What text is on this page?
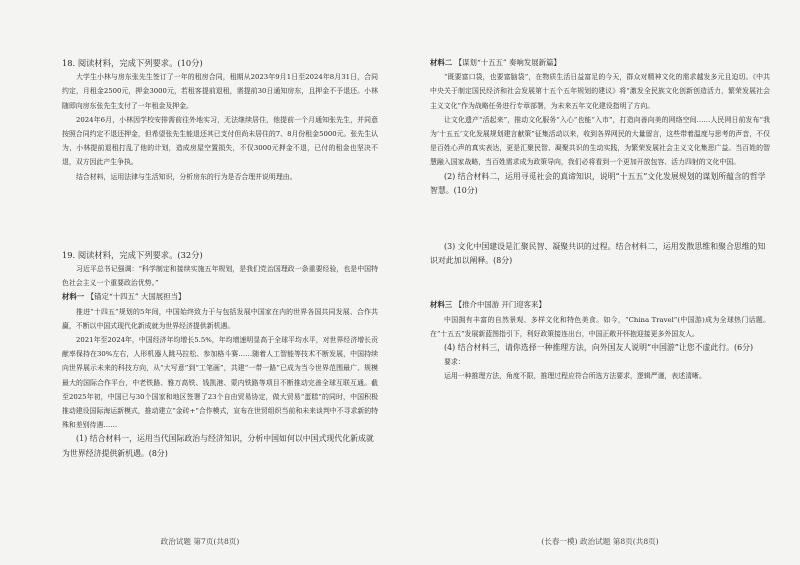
18. 阅读材料，完成下列要求。(10分)

大学生小林与房东张先生签订了一年的租房合同，租期从2023年9月1日至2024年8月31日，合同约定，月租金2500元，押金3000元，若租客提前退租，需提前30日通知房东，且押金不予退还。小林随即向房东张先生支付了一年租金及押金。

2024年6月，小林因学校安排需前往外地实习，无法继续居住，他提前一个月通知张先生，并同意按照合同约定不退还押金，但希望张先生能退还其已支付但尚未居住的7、8月份租金5000元。张先生认为，小林提前退租打乱了他的计划，造成房屋空置损失，不仅3000元押金不退，已付的租金也坚决不退，双方因此产生争执。

结合材料，运用法律与生活知识，分析房东的行为是否合理并说明理由。

19. 阅读材料，完成下列要求。(32分)

习近平总书记强调：“科学制定和接续实施五年规划，是我们党治国理政一条重要经验，也是中国特色社会主义一个重要政治优势。”

材料一 【锚定“十四五” 大国展担当】

推进“十四五”规划的5年间，中国始终致力于与包括发展中国家在内的世界各国共同发展、合作共赢，不断以中国式现代化新成就为世界经济提供新机遇。

2021年至2024年，中国经济年均增长5.5%，年均增速明显高于全球平均水平，对世界经济增长贡献率保持在30%左右，人形机器人跳马拉松、参加格斗赛……随着人工智能等技术不断发展，中国持续向世界展示未来的科技方向，从“大写意”到“工笔画”，共建“一带一路”已成为当今世界范围最广、规模最大的国际合作平台，中老铁路、雅万高铁、钱凯港、蒙内铁路等项目不断推动完善全球互联互通。截至2025年初，中国已与30个国家和地区签署了23个自由贸易协定，做大贸易“蛋糕”的同时，中国积极推动建设国际海运新模式，推动建立“金砖+”合作模式，宣布在世贸组织当前和未来谈判中不寻求新的特殊和差别待遇……

(1) 结合材料一，运用当代国际政治与经济知识，分析中国如何以中国式现代化新成就为世界经济提供新机遇。(8分)

政治试题 第7页(共8页)

材料二 【谋划“十五五” 奏响发展新篇】

“既要富口袋，也要富脑袋”，在物质生活日益富足的今天，群众对精神文化的需求越发多元且迫切。《中共中央关于制定国民经济和社会发展第十五个五年规划的建议》将“激发全民族文化创新创造活力，繁荣发展社会主义文化”作为战略任务进行专章部署，为未来五年文化建设指明了方向。

让文化遗产“活起来”，推动文化服务“入心”也能“入市”，打造向善向美的网络空间……人民网日前发布“我为‘十五五’文化发展规划建言献策”征集活动以来，收到各界网民的大量留言，这些带着温度与思考的声音，不仅是百姓心声的真实表达，更是汇聚民智、凝聚共识的生动实践，为繁荣发展社会主义文化集思广益。当百姓的智慧融入国家战略，当百姓需求成为政策导向，我们必将看到一个更加开放包容、活力四射的文化中国。

(2) 结合材料二，运用寻觅社会的真谛知识，说明“十五五”文化发展规划的谋划所蕴含的哲学智慧。(10分)

(3) 文化中国建设是汇聚民智、凝聚共识的过程。结合材料二，运用发散思维和聚合思维的知识对此加以阐释。(8分)

材料三 【推介中国游 开门迎客来】

中国拥有丰富的自然景观、多样文化和特色美食。如今，“China Travel”(中国游)成为全球热门话题。在“十五五”发展新蓝图指引下，利好政策接连出台，中国正敞开怀抱迎接更多外国友人。

(4) 结合材料三，请你选择一种推理方法，向外国友人说明“中国游”让您不虚此行。(6分)

要求：

运用一种推理方法，角度不限，推理过程应符合所选方法要求，逻辑严谨，表述清晰。

(长春一模) 政治试题 第8页(共8页)
